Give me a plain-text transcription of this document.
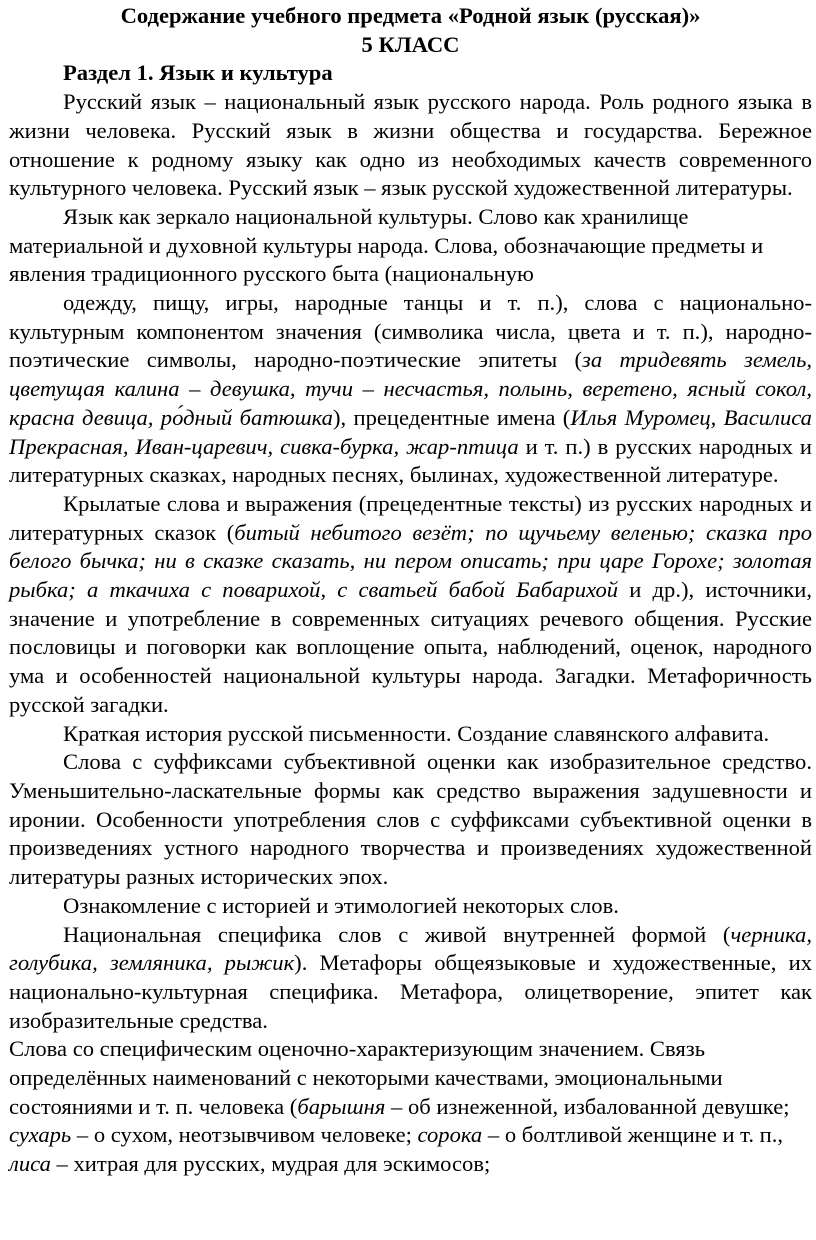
Содержание учебного предмета «Родной язык (русская)»
5 КЛАСС
Раздел 1. Язык и культура

Русский язык – национальный язык русского народа. Роль родного языка в жизни человека. Русский язык в жизни общества и государства. Бережное отношение к родному языку как одно из необходимых качеств современного культурного человека. Русский язык – язык русской художественной литературы.

Язык как зеркало национальной культуры. Слово как хранилище материальной и духовной культуры народа. Слова, обозначающие предметы и явления традиционного русского быта (национальную

одежду, пищу, игры, народные танцы и т. п.), слова с национально-культурным компонентом значения (символика числа, цвета и т. п.), народно-поэтические символы, народно-поэтические эпитеты (за тридевять земель, цветущая калина – девушка, тучи – несчастья, полынь, веретено, ясный сокол, красна девица, ро́дный батюшка), прецедентные имена (Илья Муромец, Василиса Прекрасная, Иван-царевич, сивка-бурка, жар-птица и т. п.) в русских народных и литературных сказках, народных песнях, былинах, художественной литературе.

Крылатые слова и выражения (прецедентные тексты) из русских народных и литературных сказок (битый небитого везёт; по щучьему веленью; сказка про белого бычка; ни в сказке сказать, ни пером описать; при царе Горохе; золотая рыбка; а ткачиха с поварихой, с сватьей бабой Бабарихой и др.), источники, значение и употребление в современных ситуациях речевого общения. Русские пословицы и поговорки как воплощение опыта, наблюдений, оценок, народного ума и особенностей национальной культуры народа. Загадки. Метафоричность русской загадки.

Краткая история русской письменности. Создание славянского алфавита.

Слова с суффиксами субъективной оценки как изобразительное средство. Уменьшительно-ласкательные формы как средство выражения задушевности и иронии. Особенности употребления слов с суффиксами субъективной оценки в произведениях устного народного творчества и произведениях художественной литературы разных исторических эпох.

Ознакомление с историей и этимологией некоторых слов.

Национальная специфика слов с живой внутренней формой (черника, голубика, земляника, рыжик). Метафоры общеязыковые и художественные, их национально-культурная специфика. Метафора, олицетворение, эпитет как изобразительные средства.

Слова со специфическим оценочно-характеризующим значением. Связь определённых наименований с некоторыми качествами, эмоциональными состояниями и т. п. человека (барышня – об изнеженной, избалованной девушке; сухарь – о сухом, неотзывчивом человеке; сорока – о болтливой женщине и т. п., лиса – хитрая для русских, мудрая для эскимосов;
